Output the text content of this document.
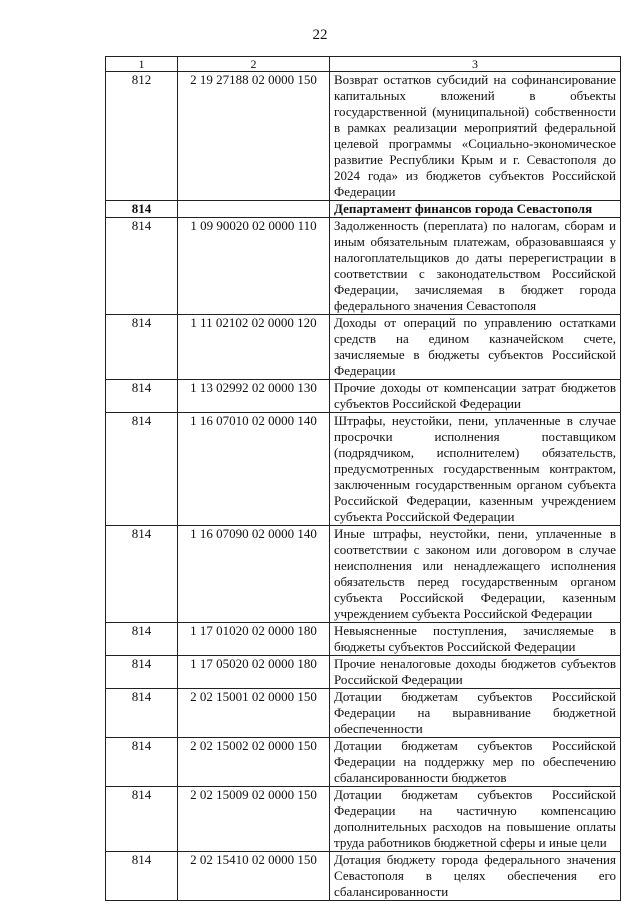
22
1	2	3
812	2 19 27188 02 0000 150	Возврат остатков субсидий на софинансирование капитальных вложений в объекты государственной (муниципальной) собственности в рамках реализации мероприятий федеральной целевой программы «Социально-экономическое развитие Республики Крым и г. Севастополя до 2024 года» из бюджетов субъектов Российской Федерации
814		Департамент финансов города Севастополя
814	1 09 90020 02 0000 110	Задолженность (переплата) по налогам, сборам и иным обязательным платежам, образовавшаяся у налогоплательщиков до даты перерегистрации в соответствии с законодательством Российской Федерации, зачисляемая в бюджет города федерального значения Севастополя
814	1 11 02102 02 0000 120	Доходы от операций по управлению остатками средств на едином казначейском счете, зачисляемые в бюджеты субъектов Российской Федерации
814	1 13 02992 02 0000 130	Прочие доходы от компенсации затрат бюджетов субъектов Российской Федерации
814	1 16 07010 02 0000 140	Штрафы, неустойки, пени, уплаченные в случае просрочки исполнения поставщиком (подрядчиком, исполнителем) обязательств, предусмотренных государственным контрактом, заключенным государственным органом субъекта Российской Федерации, казенным учреждением субъекта Российской Федерации
814	1 16 07090 02 0000 140	Иные штрафы, неустойки, пени, уплаченные в соответствии с законом или договором в случае неисполнения или ненадлежащего исполнения обязательств перед государственным органом субъекта Российской Федерации, казенным учреждением субъекта Российской Федерации
814	1 17 01020 02 0000 180	Невыясненные поступления, зачисляемые в бюджеты субъектов Российской Федерации
814	1 17 05020 02 0000 180	Прочие неналоговые доходы бюджетов субъектов Российской Федерации
814	2 02 15001 02 0000 150	Дотации бюджетам субъектов Российской Федерации на выравнивание бюджетной обеспеченности
814	2 02 15002 02 0000 150	Дотации бюджетам субъектов Российской Федерации на поддержку мер по обеспечению сбалансированности бюджетов
814	2 02 15009 02 0000 150	Дотации бюджетам субъектов Российской Федерации на частичную компенсацию дополнительных расходов на повышение оплаты труда работников бюджетной сферы и иные цели
814	2 02 15410 02 0000 150	Дотация бюджету города федерального значения Севастополя в целях обеспечения его сбалансированности
